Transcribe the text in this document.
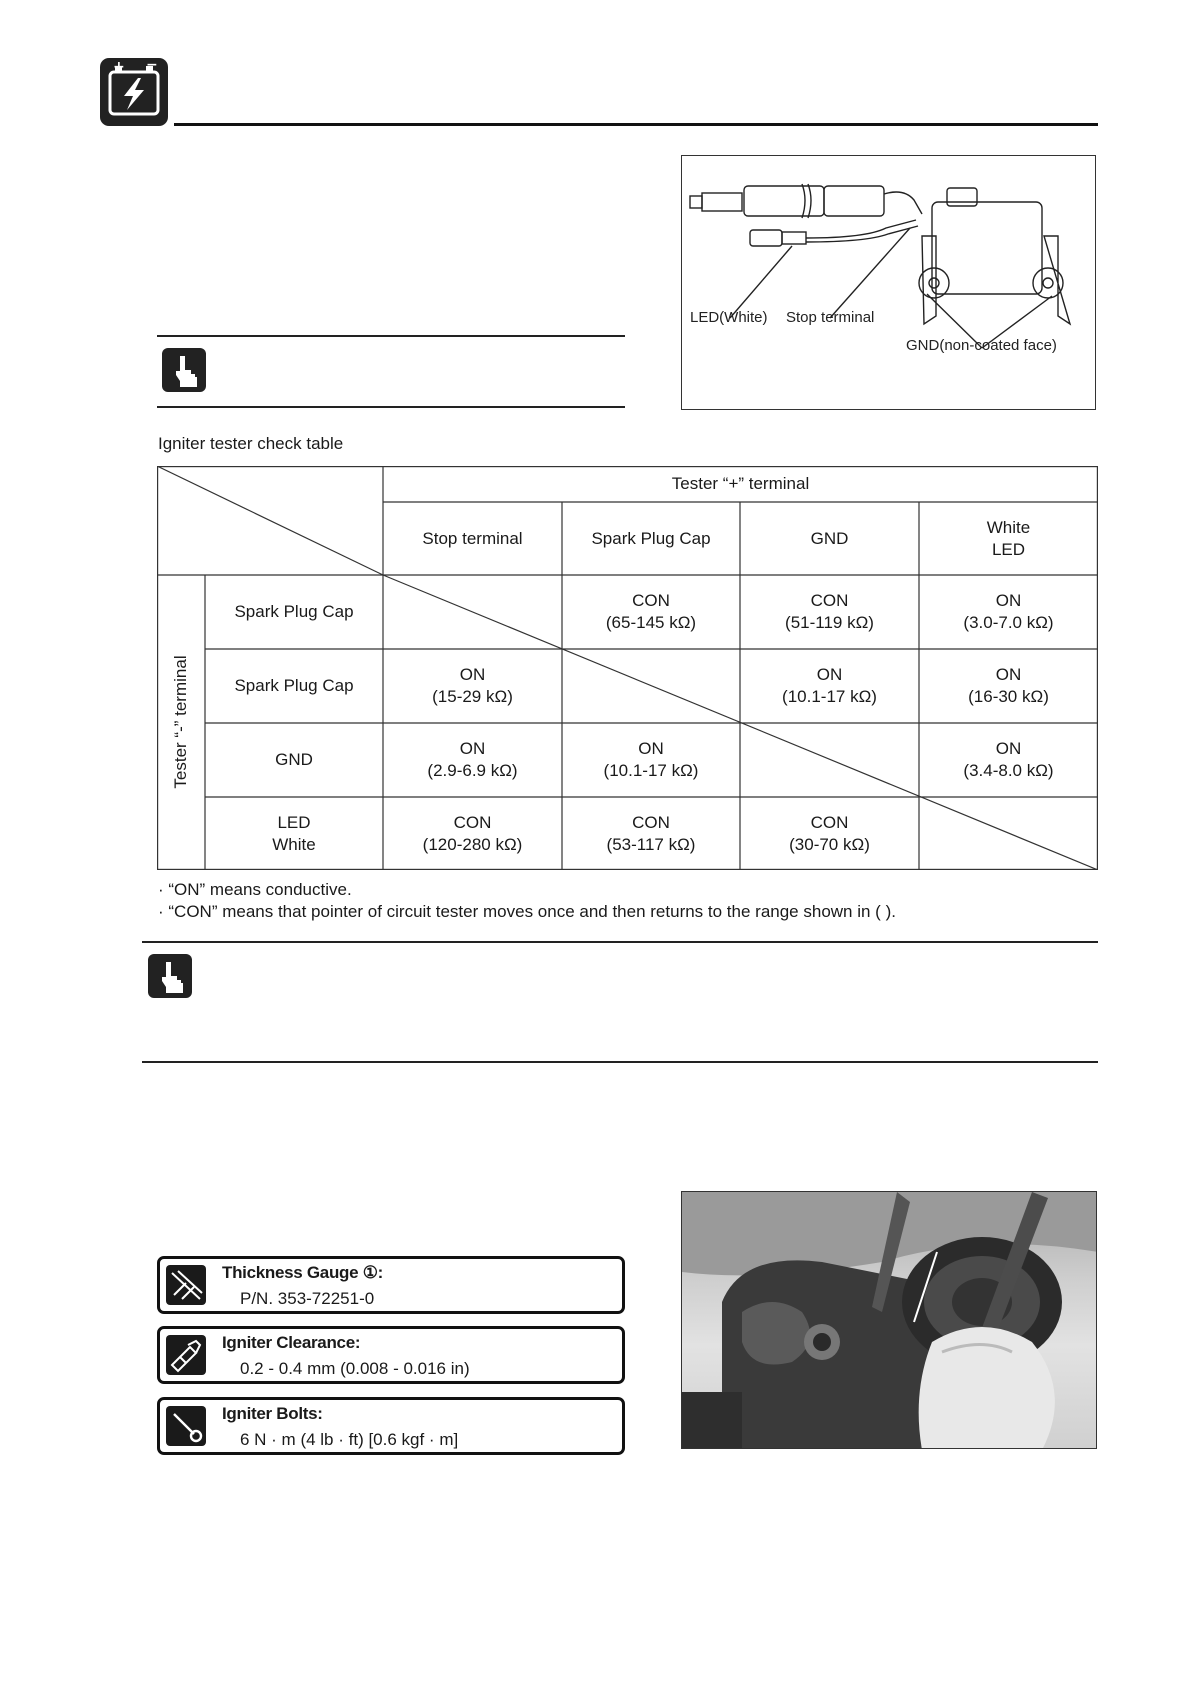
+ −
LED(White) Stop terminal
GND(non-coated face)
Igniter tester check table
Tester “+” terminal
Stop terminal	Spark Plug Cap	GND
White
LED
Tester “-” terminal
Spark Plug Cap
Spark Plug Cap
GND
LED
White
CON
(65-145 kΩ)
CON
(51-119 kΩ)
ON
(3.0-7.0 kΩ)
ON
(15-29 kΩ)
ON
(10.1-17 kΩ)
ON
(16-30 kΩ)
ON
(2.9-6.9 kΩ)
ON
(10.1-17 kΩ)
ON
(3.4-8.0 kΩ)
CON
(120-280 kΩ)
CON
(53-117 kΩ)
CON
(30-70 kΩ)
· “ON” means conductive.
· “CON” means that pointer of circuit tester moves once and then returns to the range shown in ( ).
Thickness Gauge ①:
P/N. 353-72251-0
Igniter Clearance:
0.2 - 0.4 mm (0.008 - 0.016 in)
Igniter Bolts:
6 N · m (4 lb · ft) [0.6 kgf · m]
